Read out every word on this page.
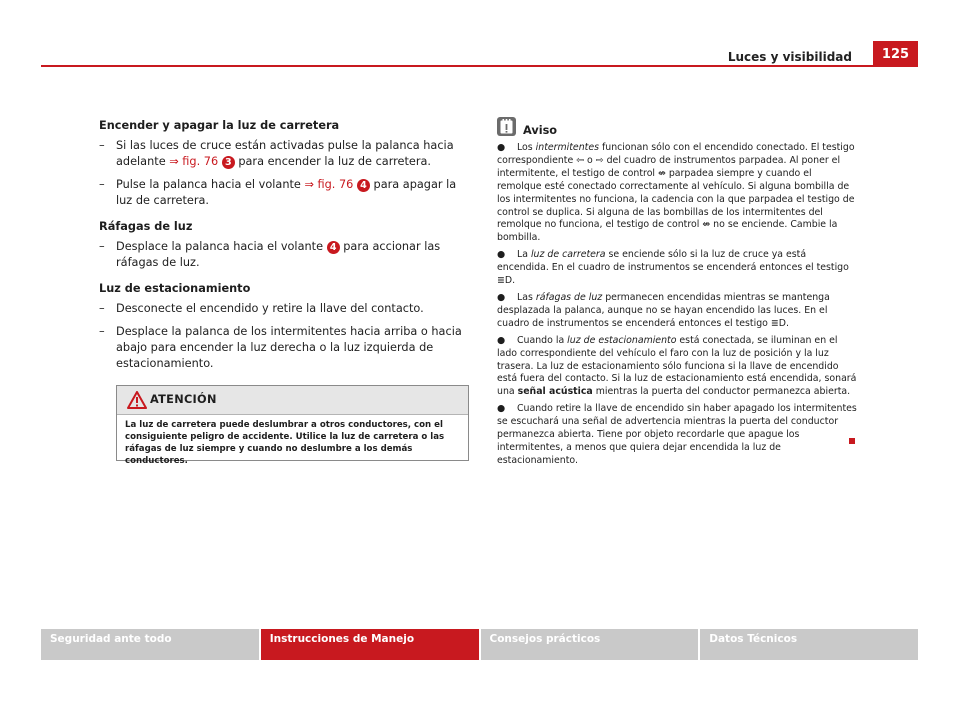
Luces y visibilidad	125
Encender y apagar la luz de carretera
– Si las luces de cruce están activadas pulse la palanca hacia adelante ⇒ fig. 76 3 para encender la luz de carretera.
– Pulse la palanca hacia el volante ⇒ fig. 76 4 para apagar la luz de carretera.
Ráfagas de luz
– Desplace la palanca hacia el volante 4 para accionar las ráfagas de luz.
Luz de estacionamiento
– Desconecte el encendido y retire la llave del contacto.
– Desplace la palanca de los intermitentes hacia arriba o hacia abajo para encender la luz derecha o la luz izquierda de estacionamiento.
ATENCIÓN
La luz de carretera puede deslumbrar a otros conductores, con el consiguiente peligro de accidente. Utilice la luz de carretera o las ráfagas de luz siempre y cuando no deslumbre a los demás conductores.
Aviso
● Los intermitentes funcionan sólo con el encendido conectado. El testigo correspondiente ⇦ o ⇨ del cuadro de instrumentos parpadea. Al poner el intermitente, el testigo de control ⇎ parpadea siempre y cuando el remolque esté conectado correctamente al vehículo. Si alguna bombilla de los intermitentes no funciona, la cadencia con la que parpadea el testigo de control se duplica. Si alguna de las bombillas de los intermitentes del remolque no funciona, el testigo de control ⇎ no se enciende. Cambie la bombilla.
● La luz de carretera se enciende sólo si la luz de cruce ya está encendida. En el cuadro de instrumentos se encenderá entonces el testigo ≣D.
● Las ráfagas de luz permanecen encendidas mientras se mantenga desplazada la palanca, aunque no se hayan encendido las luces. En el cuadro de instrumentos se encenderá entonces el testigo ≣D.
● Cuando la luz de estacionamiento está conectada, se iluminan en el lado correspondiente del vehículo el faro con la luz de posición y la luz trasera. La luz de estacionamiento sólo funciona si la llave de encendido está fuera del contacto. Si la luz de estacionamiento está encendida, sonará una señal acústica mientras la puerta del conductor permanezca abierta.
● Cuando retire la llave de encendido sin haber apagado los intermitentes se escuchará una señal de advertencia mientras la puerta del conductor permanezca abierta. Tiene por objeto recordarle que apague los intermitentes, a menos que quiera dejar encendida la luz de estacionamiento.
Seguridad ante todo	Instrucciones de Manejo	Consejos prácticos	Datos Técnicos
